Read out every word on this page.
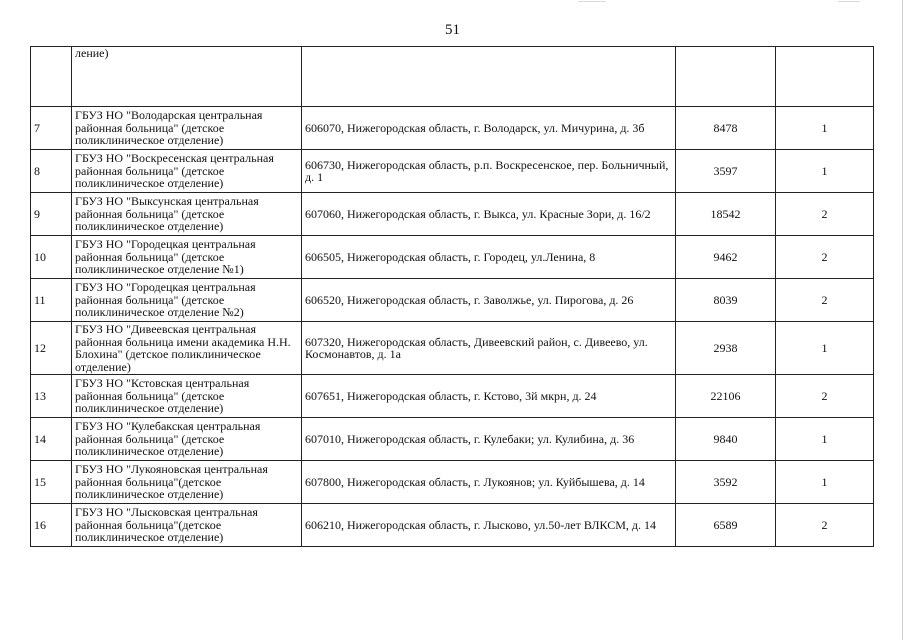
51
	ление)			
7	ГБУЗ НО "Володарская центральная районная больница" (детское поликлиническое отделение)	606070, Нижегородская область, г. Володарск, ул. Мичурина, д. 3б	8478	1
8	ГБУЗ НО "Воскресенская центральная районная больница" (детское поликлиническое отделение)	606730, Нижегородская область, р.п. Воскресенское, пер. Больничный, д. 1	3597	1
9	ГБУЗ НО "Выксунская центральная районная больница" (детское поликлиническое отделение)	607060, Нижегородская область, г. Выкса, ул. Красные Зори, д. 16/2	18542	2
10	ГБУЗ НО "Городецкая центральная районная больница" (детское поликлиническое отделение №1)	606505, Нижегородская область, г. Городец, ул.Ленина, 8	9462	2
11	ГБУЗ НО "Городецкая центральная районная больница" (детское поликлиническое отделение №2)	606520, Нижегородская область, г. Заволжье, ул. Пирогова, д. 26	8039	2
12	ГБУЗ НО "Дивеевская центральная районная больница имени академика Н.Н. Блохина" (детское поликлиническое отделение)	607320, Нижегородская область, Дивеевский район, с. Дивеево, ул. Космонавтов, д. 1а	2938	1
13	ГБУЗ НО "Кстовская центральная районная больница" (детское поликлиническое отделение)	607651, Нижегородская область, г. Кстово, 3й мкрн, д. 24	22106	2
14	ГБУЗ НО "Кулебакская центральная районная больница" (детское поликлиническое отделение)	607010, Нижегородская область, г. Кулебаки; ул. Кулибина, д. 36	9840	1
15	ГБУЗ НО "Лукояновская центральная районная больница"(детское поликлиническое отделение)	607800, Нижегородская область, г. Лукоянов; ул. Куйбышева, д. 14	3592	1
16	ГБУЗ НО "Лысковская центральная районная больница"(детское поликлиническое отделение)	606210, Нижегородская область, г. Лысково, ул.50-лет ВЛКСМ, д. 14	6589	2
